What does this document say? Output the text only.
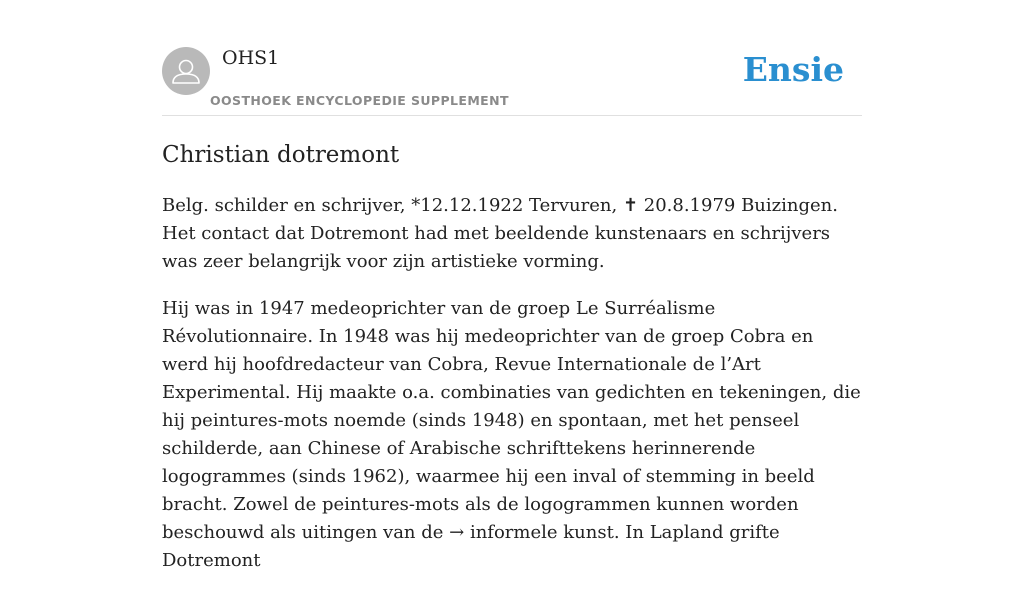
OHS1
OOSTHOEK ENCYCLOPEDIE SUPPLEMENT
Ensie
Christian dotremont

Belg. schilder en schrijver, *12.12.1922 Tervuren, ✝ 20.8.1979 Buizingen. Het contact dat Dotremont had met beeldende kunstenaars en schrijvers was zeer belangrijk voor zijn artistieke vorming.

Hij was in 1947 medeoprichter van de groep Le Surréalisme Révolutionnaire. In 1948 was hij medeoprichter van de groep Cobra en werd hij hoofdredacteur van Cobra, Revue Internationale de l’Art Experimental. Hij maakte o.a. combinaties van gedichten en tekeningen, die hij peintures-mots noemde (sinds 1948) en spontaan, met het penseel schilderde, aan Chinese of Arabische schrifttekens herinnerende logogrammes (sinds 1962), waarmee hij een inval of stemming in beeld bracht. Zowel de peintures-mots als de logogrammen kunnen worden beschouwd als uitingen van de → informele kunst. In Lapland grifte Dotremont
